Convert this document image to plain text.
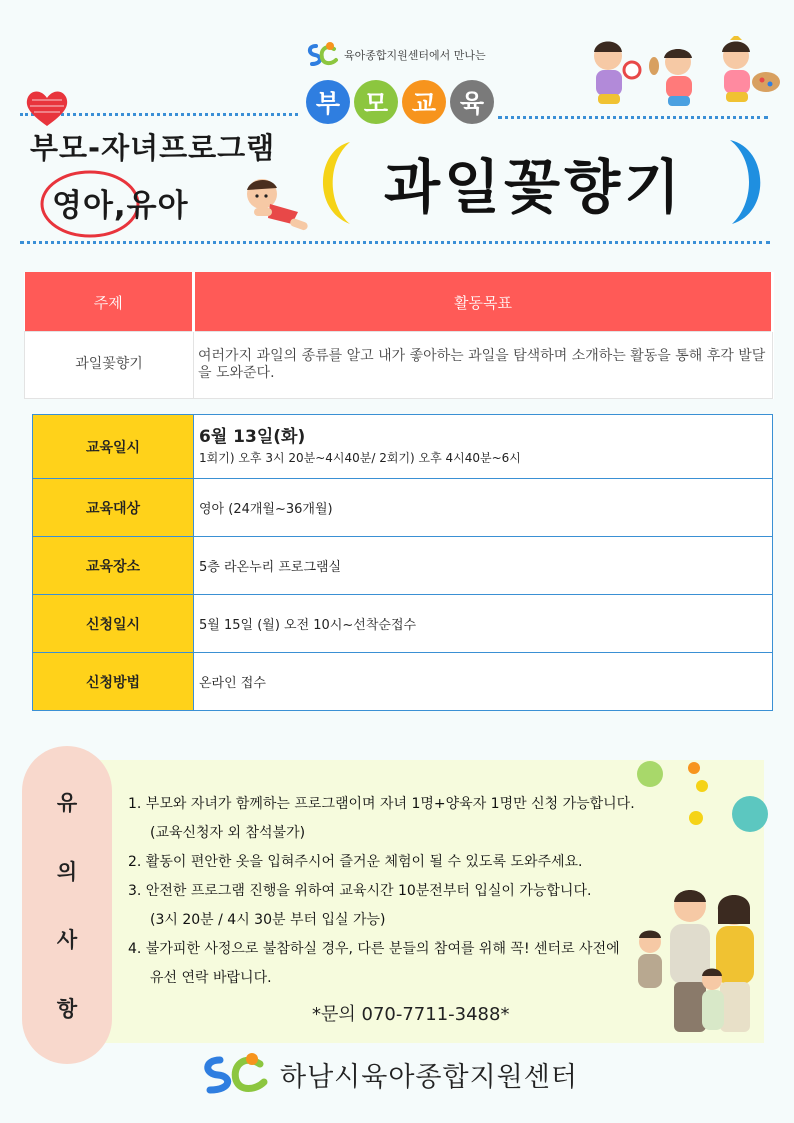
육아종합지원센터에서 만나는
부 모 교 육
부모-자녀프로그램
영아,유아	과일꽃향기
주제	활동목표
과일꽃향기	여러가지 과일의 종류를 알고 내가 좋아하는 과일을 탐색하며 소개하는 활동을 통해 후각 발달을 도와준다.
교육일시	6월 13일(화)
1회기) 오후 3시 20분~4시40분/ 2회기) 오후 4시40분~6시

교육대상	영아 (24개월~36개월)
교육장소	5층 라온누리 프로그램실
신청일시	5월 15일 (월) 오전 10시~선착순접수
신청방법	온라인 접수
유
의
사
항
1. 부모와 자녀가 함께하는 프로그램이며 자녀 1명+양육자 1명만 신청 가능합니다.
(교육신청자 외 참석불가)
2. 활동이 편안한 옷을 입혀주시어 즐거운 체험이 될 수 있도록 도와주세요.
3. 안전한 프로그램 진행을 위하여 교육시간 10분전부터 입실이 가능합니다.
(3시 20분 / 4시 30분 부터 입실 가능)
4. 불가피한 사정으로 불참하실 경우, 다른 분들의 참여를 위해 꼭! 센터로 사전에
유선 연락 바랍니다.
*문의 070-7711-3488*
하남시육아종합지원센터
